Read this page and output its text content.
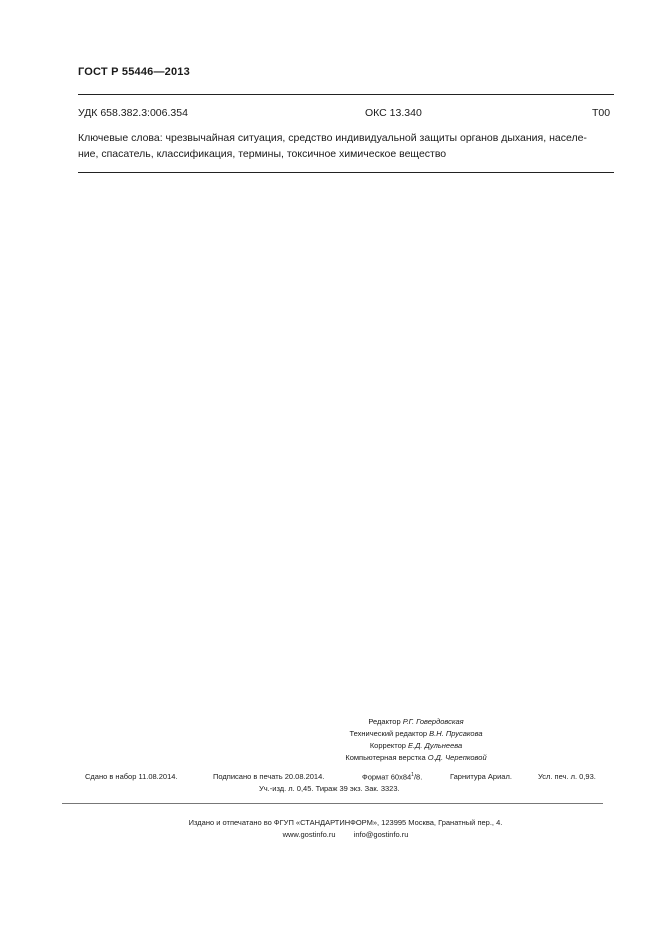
ГОСТ Р 55446—2013
УДК 658.382.3:006.354	ОКС 13.340	Т00
Ключевые слова: чрезвычайная ситуация, средство индивидуальной защиты органов дыхания, населе-
ние, спасатель, классификация, термины, токсичное химическое вещество
Редактор Р.Г. Говердовская
Технический редактор В.Н. Прусакова
Корректор Е.Д. Дульнеева
Компьютерная верстка О.Д. Черепковой
Сдано в набор 11.08.2014.	Подписано в печать 20.08.2014.	Формат $60x84^1/8$.	Гарнитура Ариал.	Усл. печ. л. 0,93.
Уч.-изд. л. 0,45. Тираж 39 экз. Зак. 3323.
Издано и отпечатано во ФГУП «СТАНДАРТИНФОРМ», 123995 Москва, Гранатный пер., 4.
www.gostinfo.ru info@gostinfo.ru
